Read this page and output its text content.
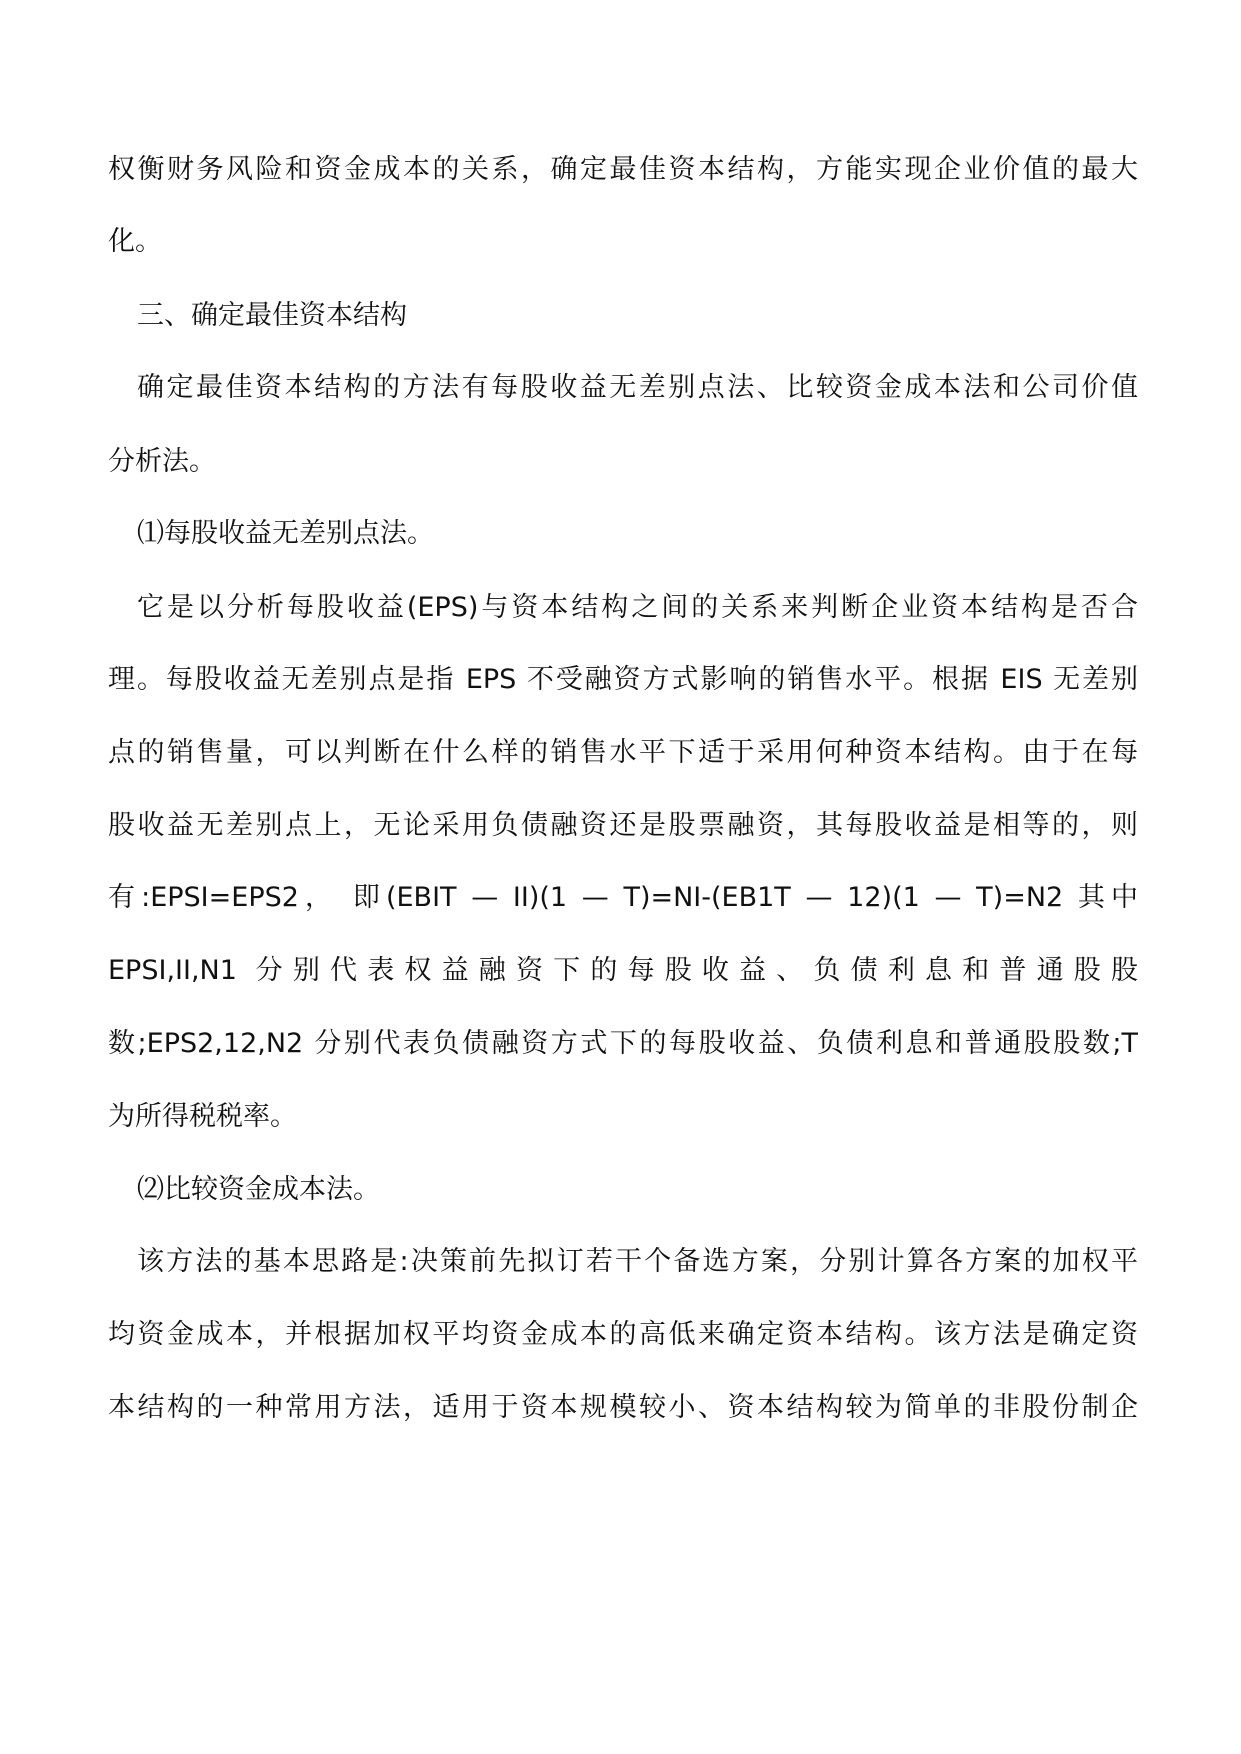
权衡财务风险和资金成本的关系，确定最佳资本结构，方能实现企业价值的最大
化。
三、确定最佳资本结构
确定最佳资本结构的方法有每股收益无差别点法、比较资金成本法和公司价值
分析法。
⑴每股收益无差别点法。
它是以分析每股收益(EPS)与资本结构之间的关系来判断企业资本结构是否合
理。每股收益无差别点是指 EPS 不受融资方式影响的销售水平。根据 EIS 无差别
点的销售量，可以判断在什么样的销售水平下适于采用何种资本结构。由于在每
股收益无差别点上，无论采用负债融资还是股票融资，其每股收益是相等的，则
有:EPSI=EPS2， 即(EBIT — II)(1 — T)=NI-(EB1T — 12)(1 — T)=N2 其中
EPSI,II,N1 分别代表权益融资下的每股收益、负债利息和普通股股
数;EPS2,12,N2 分别代表负债融资方式下的每股收益、负债利息和普通股股数;T
为所得税税率。
⑵比较资金成本法。
该方法的基本思路是:决策前先拟订若干个备选方案，分别计算各方案的加权平
均资金成本，并根据加权平均资金成本的高低来确定资本结构。该方法是确定资
本结构的一种常用方法，适用于资本规模较小、资本结构较为简单的非股份制企
